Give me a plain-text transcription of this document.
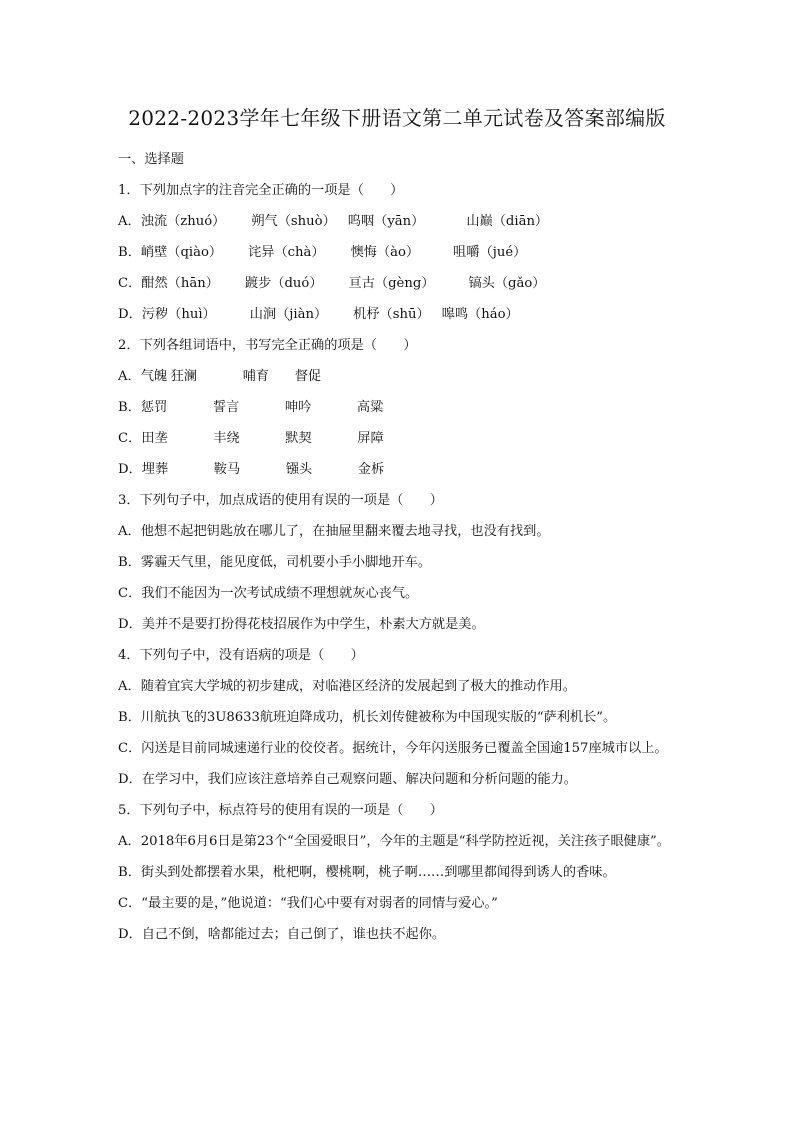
2022-2023学年七年级下册语文第二单元试卷及答案部编版
一、选择题
1．下列加点字的注音完全正确的一项是（　　）
A．浊流（zhuó） 朔气（shuò） 呜咽（yān）	山巅（diān）
B．峭壁（qiào） 诧异（chà） 懊悔（ào）	咀嚼（jué）
C．酣然（hān） 踱步（duó） 亘古（gèng）	镐头（gǎo）
D．污秽（huì）	山涧（jiàn） 机杼（shū） 嗥鸣（háo）
2．下列各组词语中，书写完全正确的项是（　　）
A．气魄 狂澜	哺育 督促
B．惩罚	誓言	呻吟	高粱
C．田垄	丰绕	默契	屏障
D．埋葬	鞍马	镪头	金柝
3．下列句子中，加点成语的使用有误的一项是（　　）
A．他想不起把钥匙放在哪儿了，在抽屉里翻来覆去地寻找，也没有找到。
B．雾霾天气里，能见度低，司机要小手小脚地开车。
C．我们不能因为一次考试成绩不理想就灰心丧气。
D．美并不是要打扮得花枝招展作为中学生，朴素大方就是美。
4．下列句子中，没有语病的项是（　　）
A．随着宜宾大学城的初步建成，对临港区经济的发展起到了极大的推动作用。
B．川航执飞的3U8633航班迫降成功，机长刘传健被称为中国现实版的“萨利机长”。
C．闪送是目前同城速递行业的佼佼者。据统计，今年闪送服务已覆盖全国逾157座城市以上。
D．在学习中，我们应该注意培养自己观察问题、解决问题和分析问题的能力。
5．下列句子中，标点符号的使用有误的一项是（　　）
A．2018年6月6日是第23个“全国爱眼日”，今年的主题是“科学防控近视，关注孩子眼健康”。
B．街头到处都摆着水果，枇杷啊，樱桃啊，桃子啊……到哪里都闻得到诱人的香味。
C．“最主要的是，”他说道：“我们心中要有对弱者的同情与爱心。”
D．自己不倒，啥都能过去；自己倒了，谁也扶不起你。
